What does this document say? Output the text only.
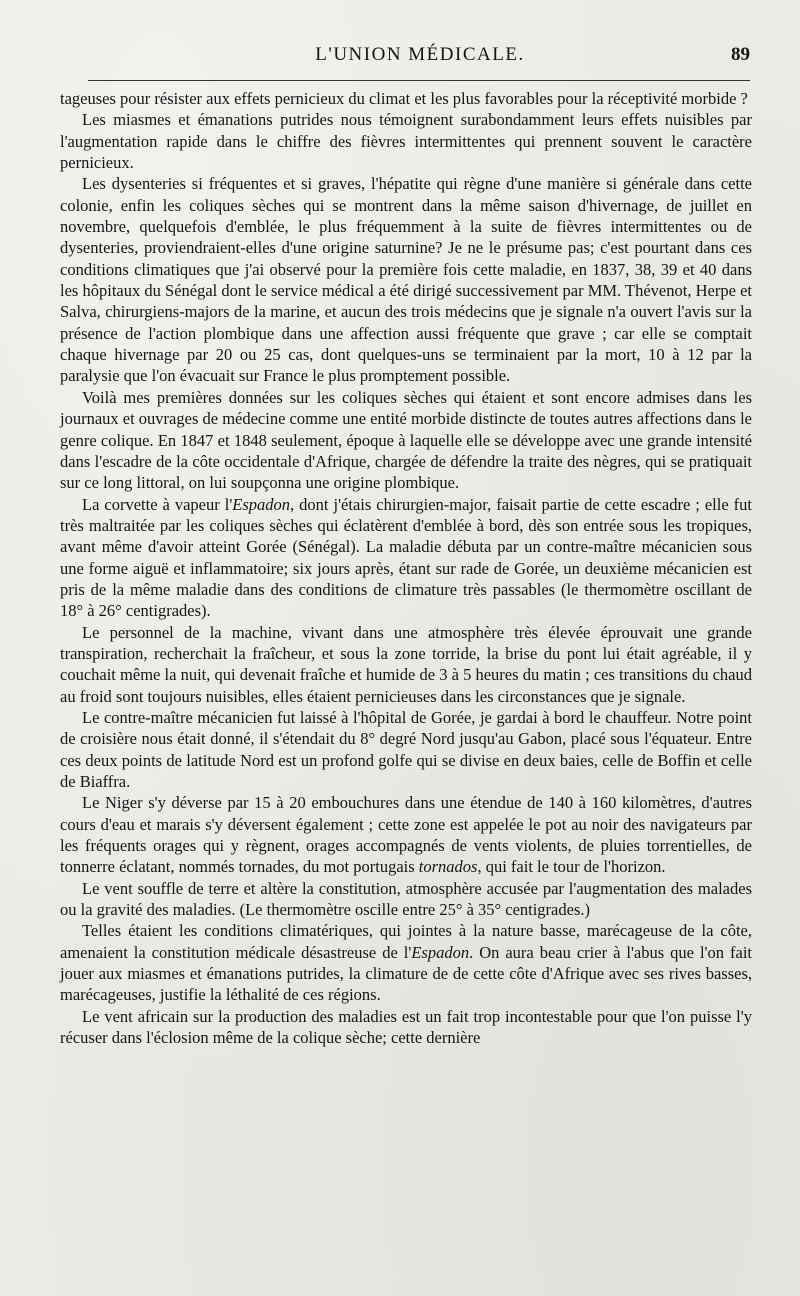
L'UNION MÉDICALE.	89

tageuses pour résister aux effets pernicieux du climat et les plus favorables pour la réceptivité morbide ?

Les miasmes et émanations putrides nous témoignent surabondamment leurs effets nuisibles par l'augmentation rapide dans le chiffre des fièvres intermittentes qui prennent souvent le caractère pernicieux.

Les dysenteries si fréquentes et si graves, l'hépatite qui règne d'une manière si générale dans cette colonie, enfin les coliques sèches qui se montrent dans la même saison d'hivernage, de juillet en novembre, quelquefois d'emblée, le plus fréquemment à la suite de fièvres intermittentes ou de dysenteries, proviendraient-elles d'une origine saturnine? Je ne le présume pas; c'est pourtant dans ces conditions climatiques que j'ai observé pour la première fois cette maladie, en 1837, 38, 39 et 40 dans les hôpitaux du Sénégal dont le service médical a été dirigé successivement par MM. Thévenot, Herpe et Salva, chirurgiens-majors de la marine, et aucun des trois médecins que je signale n'a ouvert l'avis sur la présence de l'action plombique dans une affection aussi fréquente que grave ; car elle se comptait chaque hivernage par 20 ou 25 cas, dont quelques-uns se terminaient par la mort, 10 à 12 par la paralysie que l'on évacuait sur France le plus promptement possible.

Voilà mes premières données sur les coliques sèches qui étaient et sont encore admises dans les journaux et ouvrages de médecine comme une entité morbide distincte de toutes autres affections dans le genre colique. En 1847 et 1848 seulement, époque à laquelle elle se développe avec une grande intensité dans l'escadre de la côte occidentale d'Afrique, chargée de défendre la traite des nègres, qui se pratiquait sur ce long littoral, on lui soupçonna une origine plombique.

La corvette à vapeur l'Espadon, dont j'étais chirurgien-major, faisait partie de cette escadre ; elle fut très maltraitée par les coliques sèches qui éclatèrent d'emblée à bord, dès son entrée sous les tropiques, avant même d'avoir atteint Gorée (Sénégal). La maladie débuta par un contre-maître mécanicien sous une forme aiguë et inflammatoire; six jours après, étant sur rade de Gorée, un deuxième mécanicien est pris de la même maladie dans des conditions de climature très passables (le thermomètre oscillant de 18° à 26° centigrades).

Le personnel de la machine, vivant dans une atmosphère très élevée éprouvait une grande transpiration, recherchait la fraîcheur, et sous la zone torride, la brise du pont lui était agréable, il y couchait même la nuit, qui devenait fraîche et humide de 3 à 5 heures du matin ; ces transitions du chaud au froid sont toujours nuisibles, elles étaient pernicieuses dans les circonstances que je signale.

Le contre-maître mécanicien fut laissé à l'hôpital de Gorée, je gardai à bord le chauffeur. Notre point de croisière nous était donné, il s'étendait du 8° degré Nord jusqu'au Gabon, placé sous l'équateur. Entre ces deux points de latitude Nord est un profond golfe qui se divise en deux baies, celle de Boffin et celle de Biaffra.

Le Niger s'y déverse par 15 à 20 embouchures dans une étendue de 140 à 160 kilomètres, d'autres cours d'eau et marais s'y déversent également ; cette zone est appelée le pot au noir des navigateurs par les fréquents orages qui y règnent, orages accompagnés de vents violents, de pluies torrentielles, de tonnerre éclatant, nommés tornades, du mot portugais tornados, qui fait le tour de l'horizon.

Le vent souffle de terre et altère la constitution, atmosphère accusée par l'augmentation des malades ou la gravité des maladies. (Le thermomètre oscille entre 25° à 35° centigrades.)

Telles étaient les conditions climatériques, qui jointes à la nature basse, marécageuse de la côte, amenaient la constitution médicale désastreuse de l'Espadon. On aura beau crier à l'abus que l'on fait jouer aux miasmes et émanations putrides, la climature de de cette côte d'Afrique avec ses rives basses, marécageuses, justifie la léthalité de ces régions.

Le vent africain sur la production des maladies est un fait trop incontestable pour que l'on puisse l'y récuser dans l'éclosion même de la colique sèche; cette dernière
